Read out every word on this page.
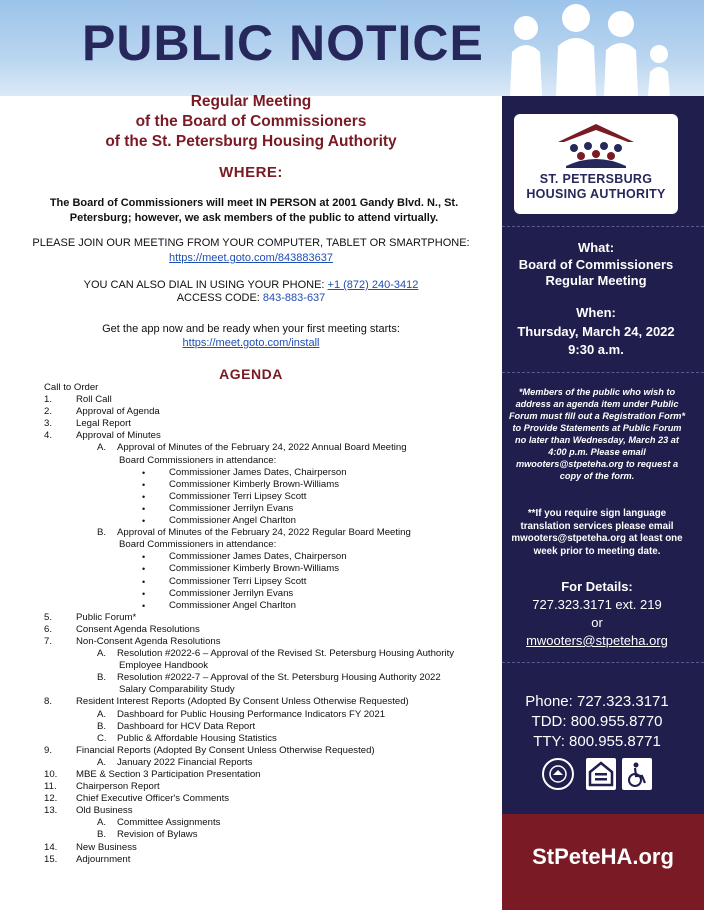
PUBLIC NOTICE
Regular Meeting
of the Board of Commissioners
of the St. Petersburg Housing Authority
WHERE:
The Board of Commissioners will meet IN PERSON at 2001 Gandy Blvd. N., St. Petersburg; however, we ask members of the public to attend virtually.
PLEASE JOIN OUR MEETING FROM YOUR COMPUTER, TABLET OR SMARTPHONE:
https://meet.goto.com/843883637
YOU CAN ALSO DIAL IN USING YOUR PHONE: +1 (872) 240-3412
ACCESS CODE: 843-883-637
Get the app now and be ready when your first meeting starts:
https://meet.goto.com/install
AGENDA
Call to Order
1. Roll Call
2. Approval of Agenda
3. Legal Report
4. Approval of Minutes
A. Approval of Minutes of the February 24, 2022 Annual Board Meeting
Board Commissioners in attendance:
• Commissioner James Dates, Chairperson
• Commissioner Kimberly Brown-Williams
• Commissioner Terri Lipsey Scott
• Commissioner Jerrilyn Evans
• Commissioner Angel Charlton
B. Approval of Minutes of the February 24, 2022 Regular Board Meeting
Board Commissioners in attendance:
• Commissioner James Dates, Chairperson
• Commissioner Kimberly Brown-Williams
• Commissioner Terri Lipsey Scott
• Commissioner Jerrilyn Evans
• Commissioner Angel Charlton
5. Public Forum*
6. Consent Agenda Resolutions
7. Non-Consent Agenda Resolutions
A. Resolution #2022-6 – Approval of the Revised St. Petersburg Housing Authority
Employee Handbook
B. Resolution #2022-7 – Approval of the St. Petersburg Housing Authority 2022
Salary Comparability Study
8. Resident Interest Reports (Adopted By Consent Unless Otherwise Requested)
A. Dashboard for Public Housing Performance Indicators FY 2021
B. Dashboard for HCV Data Report
C. Public & Affordable Housing Statistics
9. Financial Reports (Adopted By Consent Unless Otherwise Requested)
A. January 2022 Financial Reports
10. MBE & Section 3 Participation Presentation
11. Chairperson Report
12. Chief Executive Officer's Comments
13. Old Business
A. Committee Assignments
B. Revision of Bylaws
14. New Business
15. Adjournment
ST. PETERSBURG
HOUSING AUTHORITY
What:
Board of Commissioners
Regular Meeting
When:
Thursday, March 24, 2022
9:30 a.m.
*Members of the public who wish to address an agenda item under Public Forum must fill out a Registration Form* to Provide Statements at Public Forum no later than Wednesday, March 23 at 4:00 p.m. Please email mwooters@stpeteha.org to request a copy of the form.
**If you require sign language translation services please email mwooters@stpeteha.org at least one week prior to meeting date.
For Details:
727.323.3171 ext. 219
or
mwooters@stpeteha.org
Phone: 727.323.3171
TDD: 800.955.8770
TTY: 800.955.8771
StPeteHA.org
